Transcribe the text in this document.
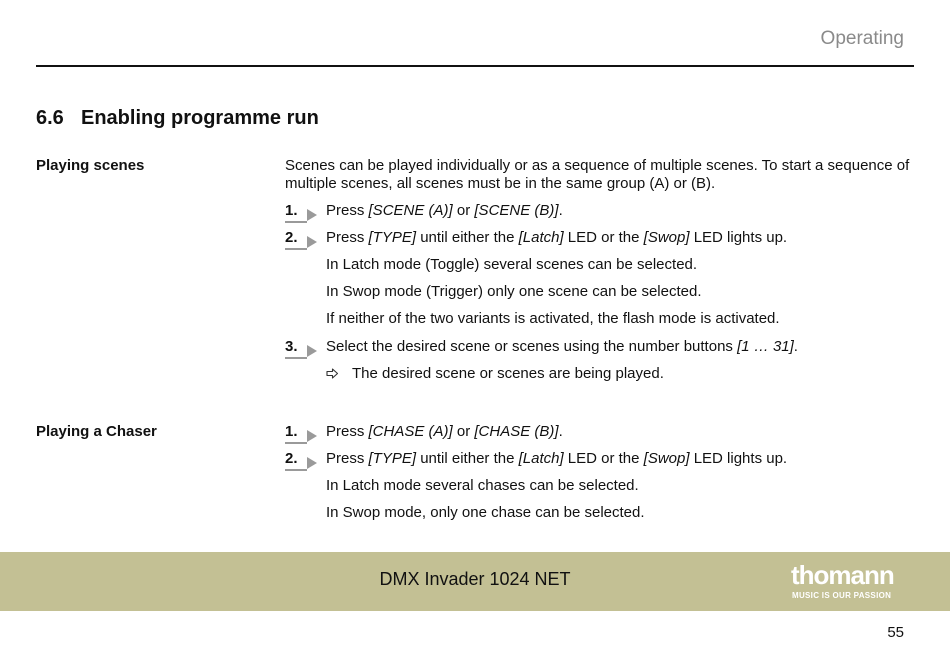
Operating
6.6 Enabling programme run
Playing scenes	Scenes can be played individually or as a sequence of multiple scenes. To start a sequence of multiple scenes, all scenes must be in the same group (A) or (B).
1. Press [SCENE (A)] or [SCENE (B)].
2. Press [TYPE] until either the [Latch] LED or the [Swop] LED lights up.
In Latch mode (Toggle) several scenes can be selected.
In Swop mode (Trigger) only one scene can be selected.
If neither of the two variants is activated, the flash mode is activated.
3. Select the desired scene or scenes using the number buttons [1 … 31].
The desired scene or scenes are being played.
Playing a Chaser	1. Press [CHASE (A)] or [CHASE (B)].
2. Press [TYPE] until either the [Latch] LED or the [Swop] LED lights up.
In Latch mode several chases can be selected.
In Swop mode, only one chase can be selected.
DMX Invader 1024 NET	thomann
MUSIC IS OUR PASSION
55
